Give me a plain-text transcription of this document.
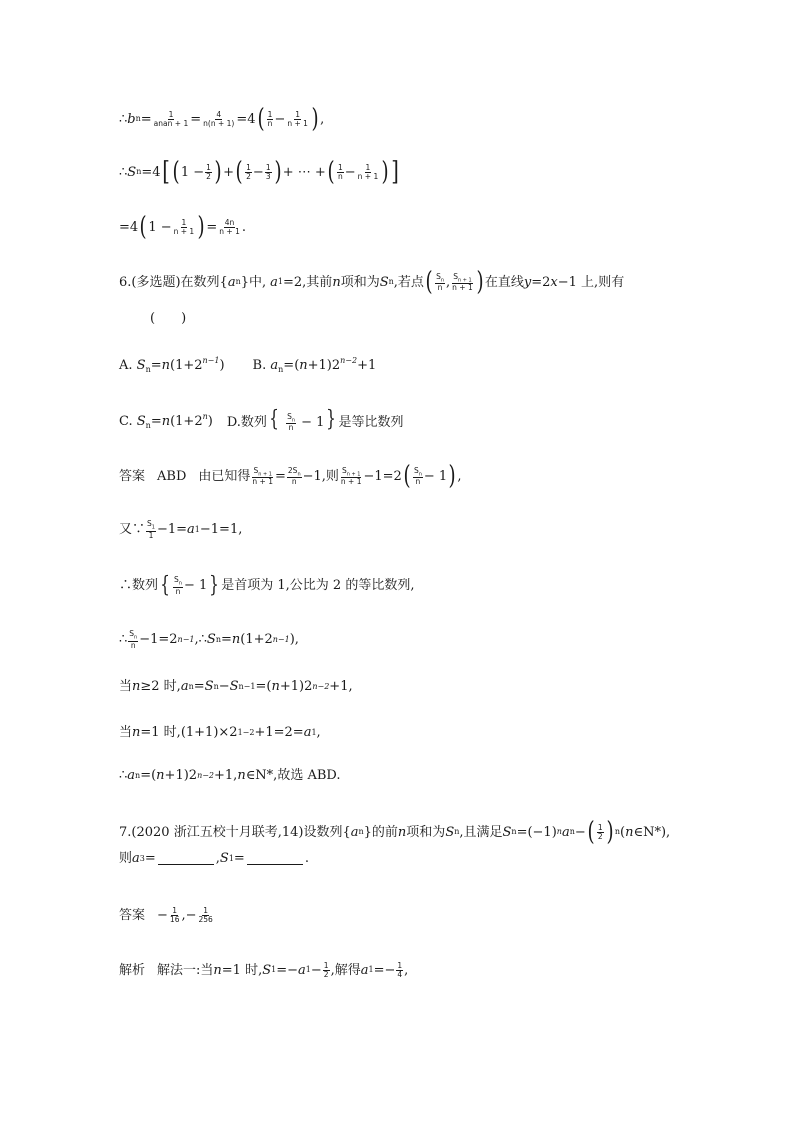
∴ b $n = \frac{1}{\text{anan + 1}} = \frac{4}{n(n + 1)} =4$ ( $\frac{1}{n} - \frac{1}{n + 1}$ ) ,
∴ S n =4 [ ( $1 - \frac{1}{2}$ ) + ( $\frac{1}{2} - \frac{1}{3}$ ) + ⋯ + ( $\frac{1}{n} - \frac{1}{n + 1}$ ) ]
=4 ( $1 - \frac{1}{n + 1}$ ) = $\frac{4n}{n + 1}$ .
6.(多选题)在数列{ a n }中, a 1 =2,其前 n 项和为 S n ,若点 ( $\frac{S_n}{n}$ , $\frac{S_{n + 1}}{n + 1}$ ) 在直线 y =2 x −1 上,则有
(　　)
A. $S_n=n(1+2^{n-1})$ B. $a_n=(n+1)2^{n-2}+1$
C. $S_n=n(1+2^n)$ D.数列{ $\frac{S_n}{n} - 1$} 是等比数列
答案 ABD 由已知得 $\frac{S_{n + 1}}{n + 1} = \frac{2S_n}{n} -1$,则 $\frac{S_{n + 1}}{n + 1} -1=2$ ( $\frac{S_n}{n} - 1$ ) ,
又∵ $\frac{S_1}{1} -1= a$ 1 −1=1,
∴数列 { $\frac{S_n}{n} - 1$ } 是首项为 1,公比为 2 的等比数列,
∴ $\frac{S_n}{n} -1=2$ n−1 ,∴ S n = n (1+2 n−1 ),
当 n ≥2 时, a n = S n − S n−1 =( n +1)2 n−2 +1,
当 n =1 时,(1+1)×2 1−2 +1=2= a 1 ,
∴ a n =( n +1)2 n−2 +1, n ∈N*,故选 ABD.
7.(2020 浙江五校十月联考,14)设数列{ a n }的前 n 项和为 S n ,且满足 S n =(−1) n a n − ( $\frac{1}{2}$ ) n ( n ∈N*),
则 a 3 =	, S 1 =	.
答案 − $\frac{1}{16}$ , − $\frac{1}{256}$
解析 解法一:当 n =1 时, S 1 =− a $1 - \frac{1}{2}$ ,解得 a $1 =- \frac{1}{4}$ ,
